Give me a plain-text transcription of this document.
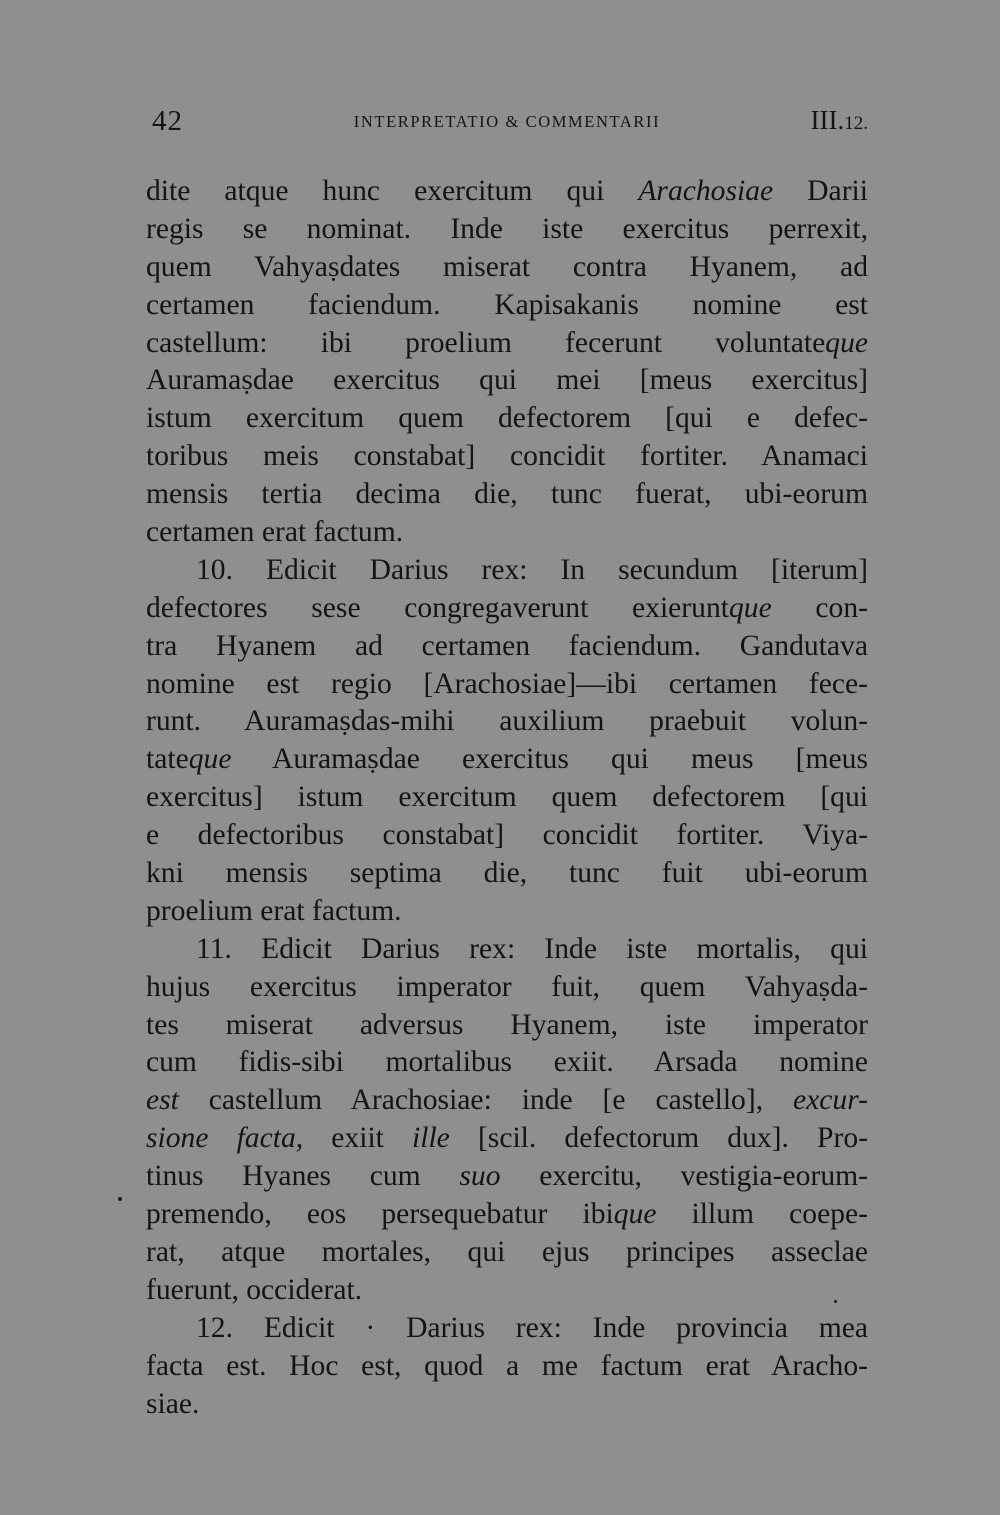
42	INTERPRETATIO & COMMENTARII	III.12.
dite atque hunc exercitum qui Arachosiae Darii
regis se nominat. Inde iste exercitus perrexit,
quem Vahyaṣdates miserat contra Hyanem, ad
certamen faciendum. Kapisakanis nomine est
castellum: ibi proelium fecerunt voluntateque
Auramaṣdae exercitus qui mei [meus exercitus]
istum exercitum quem defectorem [qui e defec-
toribus meis constabat] concidit fortiter. Anamaci
mensis tertia decima die, tunc fuerat, ubi-eorum
certamen erat factum.
10. Edicit Darius rex: In secundum [iterum]
defectores sese congregaverunt exieruntque con-
tra Hyanem ad certamen faciendum. Gandutava
nomine est regio [Arachosiae]—ibi certamen fece-
runt. Auramaṣdas-mihi auxilium praebuit volun-
tateque Auramaṣdae exercitus qui meus [meus
exercitus] istum exercitum quem defectorem [qui
e defectoribus constabat] concidit fortiter. Viya-
kni mensis septima die, tunc fuit ubi-eorum
proelium erat factum.
11. Edicit Darius rex: Inde iste mortalis, qui
hujus exercitus imperator fuit, quem Vahyaṣda-
tes miserat adversus Hyanem, iste imperator
cum fidis-sibi mortalibus exiit. Arsada nomine
est castellum Arachosiae: inde [e castello], excur-
sione facta, exiit ille [scil. defectorum dux]. Pro-
tinus Hyanes cum suo exercitu, vestigia-eorum-
premendo, eos persequebatur ibique illum coepe-
rat, atque mortales, qui ejus principes asseclae
fuerunt, occiderat.
12. Edicit · Darius rex: Inde provincia mea
facta est. Hoc est, quod a me factum erat Aracho-
siae.
